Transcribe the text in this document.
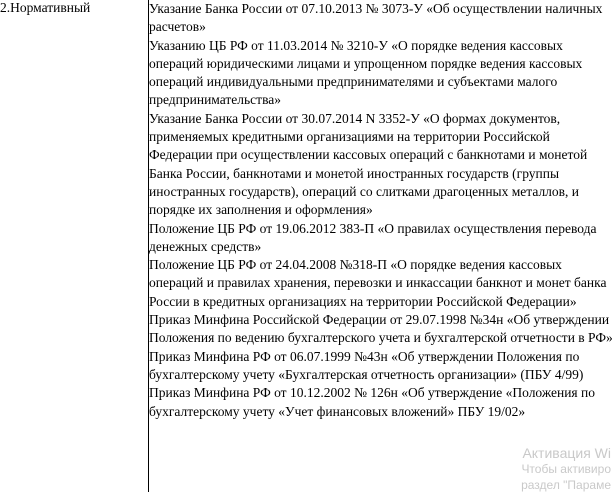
2.Нормативный		Указание Банка России от 07.10.2013 № 3073-У «Об осуществлении наличных расчетов»

Указанию ЦБ РФ от 11.03.2014 № 3210-У «О порядке ведения кассовых операций юридическими лицами и упрощенном порядке ведения кассовых операций индивидуальными предпринимателями и субъектами малого предпринимательства»

Указание Банка России от 30.07.2014 N 3352-У «О формах документов, применяемых кредитными организациями на территории Российской Федерации при осуществлении кассовых операций с банкнотами и монетой Банка России, банкнотами и монетой иностранных государств (группы иностранных государств), операций со слитками драгоценных металлов, и порядке их заполнения и оформления»

Положение ЦБ РФ от 19.06.2012 383-П «О правилах осуществления перевода денежных средств»

Положение ЦБ РФ от 24.04.2008 №318-П «О порядке ведения кассовых операций и правилах хранения, перевозки и инкассации банкнот и монет банка России в кредитных организациях на территории Российской Федерации»

Приказ Минфина Российской Федерации от 29.07.1998 №34н «Об утверждении Положения по ведению бухгалтерского учета и бухгалтерской отчетности в РФ»

Приказ Минфина РФ от 06.07.1999 №43н «Об утверждении Положения по бухгалтерскому учету «Бухгалтерская отчетность организации» (ПБУ 4/99)

Приказ Минфина РФ от 10.12.2002 № 126н «Об утверждение «Положения по бухгалтерскому учету «Учет финансовых вложений» ПБУ 19/02»

Активация Wi
Чтобы активиро
раздел "Параме
